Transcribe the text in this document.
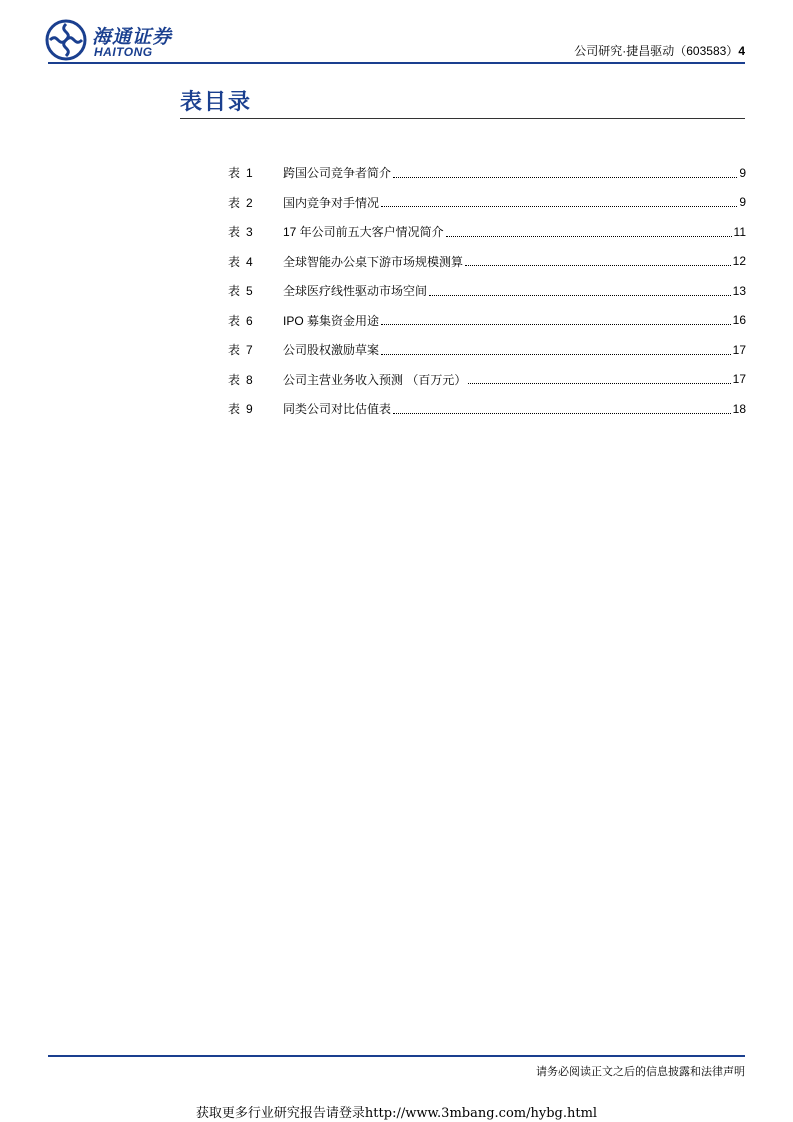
海通证券
HAITONG	公司研究·捷昌驱动（603583）4
表目录
表 1	跨国公司竞争者简介	9
表 2	国内竞争对手情况	9
表 3	17 年公司前五大客户情况简介	11
表 4	全球智能办公桌下游市场规模测算	12
表 5	全球医疗线性驱动市场空间	13
表 6	IPO 募集资金用途	16
表 7	公司股权激励草案	17
表 8	公司主营业务收入预测 （百万元）	17
表 9	同类公司对比估值表	18
请务必阅读正文之后的信息披露和法律声明
获取更多行业研究报告请登录http://www.3mbang.com/hybg.html
